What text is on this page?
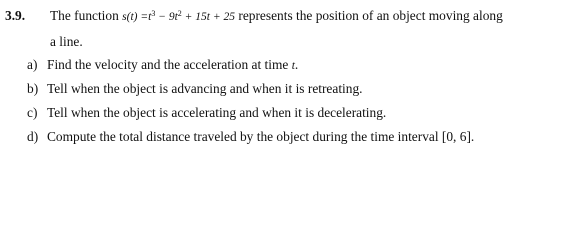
3.9. The function $s(t) =t^3 - 9t^2 + 15t + 25$ represents the position of an object moving along
a line.
a) Find the velocity and the acceleration at time t.
b) Tell when the object is advancing and when it is retreating.
c) Tell when the object is accelerating and when it is decelerating.
d) Compute the total distance traveled by the object during the time interval [0, 6].
